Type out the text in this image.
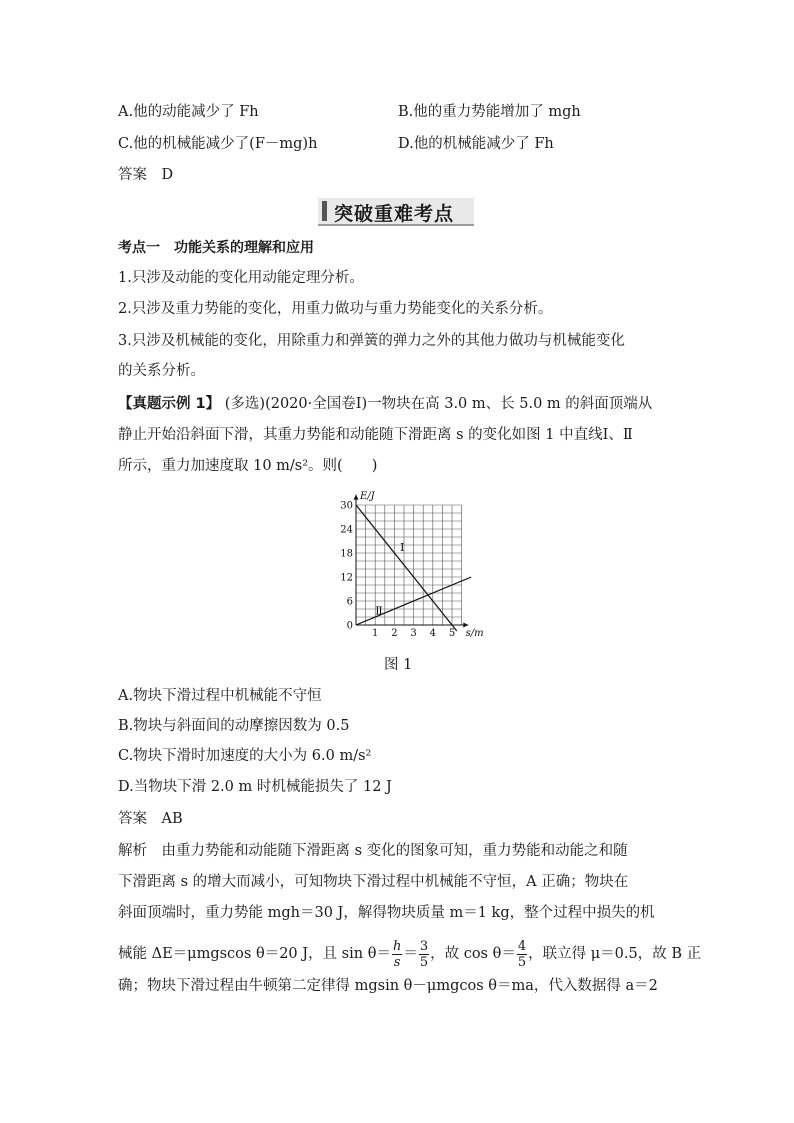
A.他的动能减少了 Fh	B.他的重力势能增加了 mgh
C.他的机械能减少了(F－mg)h	D.他的机械能减少了 Fh
答案　D
突破重难考点
考点一　功能关系的理解和应用
1.只涉及动能的变化用动能定理分析。
2.只涉及重力势能的变化，用重力做功与重力势能变化的关系分析。
3.只涉及机械能的变化，用除重力和弹簧的弹力之外的其他力做功与机械能变化
的关系分析。
【真题示例 1】 (多选)(2020·全国卷Ⅰ)一物块在高 3.0 m、长 5.0 m 的斜面顶端从
静止开始沿斜面下滑，其重力势能和动能随下滑距离 s 的变化如图 1 中直线Ⅰ、Ⅱ
所示，重力加速度取 10 m/s²。则(　　)
1 2 3 4 5
0
6
12
18
24
30
s/m
E/J
Ⅰ
Ⅱ
图 1
A.物块下滑过程中机械能不守恒
B.物块与斜面间的动摩擦因数为 0.5
C.物块下滑时加速度的大小为 6.0 m/s²
D.当物块下滑 2.0 m 时机械能损失了 12 J
答案　AB
解析　由重力势能和动能随下滑距离 s 变化的图象可知，重力势能和动能之和随
下滑距离 s 的增大而减小，可知物块下滑过程中机械能不守恒，A 正确；物块在
斜面顶端时，重力势能 mgh＝30 J，解得物块质量 m＝1 kg，整个过程中损失的机
械能 ΔE＝μmgscos θ＝20 J，且 $\sin \theta= \frac{h}{s} = \frac{3}{5}$ ，故 $\cos \theta= \frac{4}{5}$ ，联立得 μ＝0.5，故 B 正
确；物块下滑过程由牛顿第二定律得 mgsin θ－μmgcos θ＝ma，代入数据得 a＝2
